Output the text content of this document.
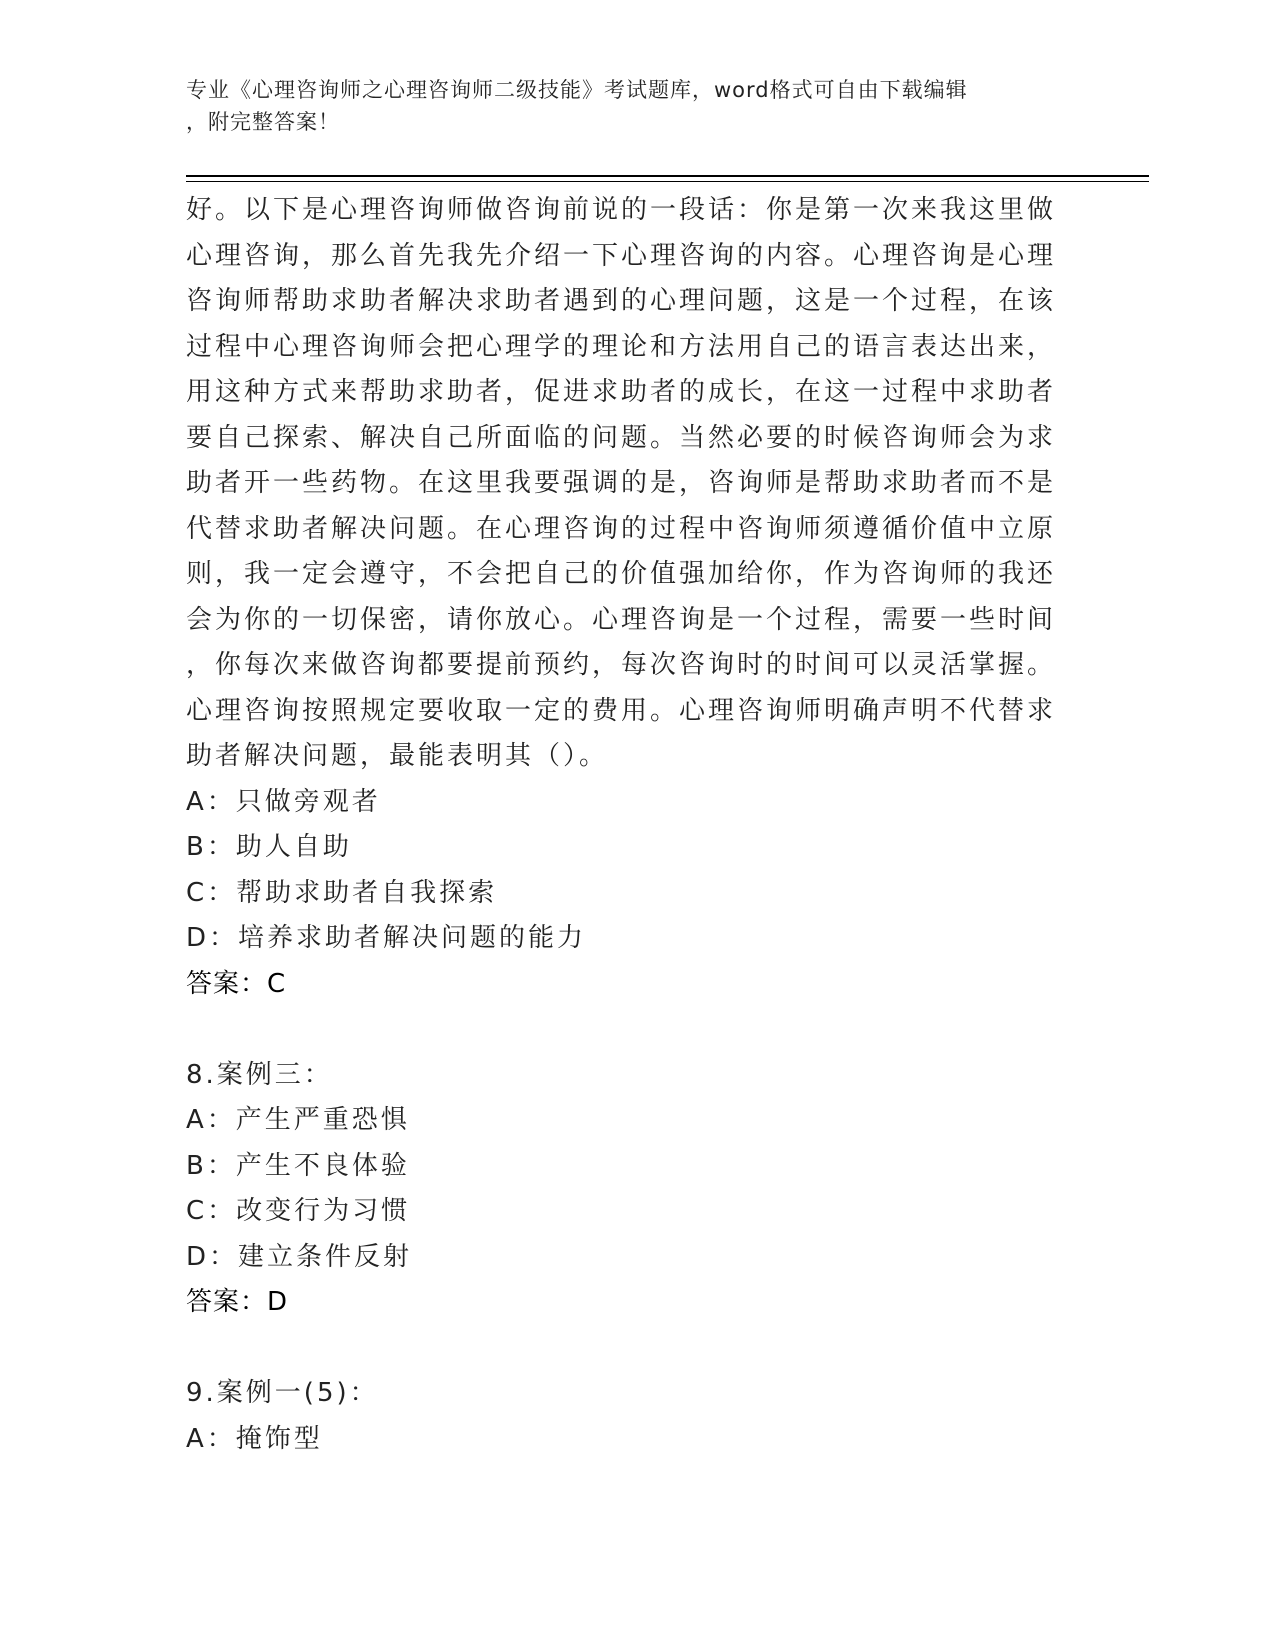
专业《心理咨询师之心理咨询师二级技能》考试题库，word格式可自由下载编辑
，附完整答案！
好。以下是心理咨询师做咨询前说的一段话：你是第一次来我这里做
心理咨询，那么首先我先介绍一下心理咨询的内容。心理咨询是心理
咨询师帮助求助者解决求助者遇到的心理问题，这是一个过程，在该
过程中心理咨询师会把心理学的理论和方法用自己的语言表达出来，
用这种方式来帮助求助者，促进求助者的成长，在这一过程中求助者
要自己探索、解决自己所面临的问题。当然必要的时候咨询师会为求
助者开一些药物。在这里我要强调的是，咨询师是帮助求助者而不是
代替求助者解决问题。在心理咨询的过程中咨询师须遵循价值中立原
则，我一定会遵守，不会把自己的价值强加给你，作为咨询师的我还
会为你的一切保密，请你放心。心理咨询是一个过程，需要一些时间
，你每次来做咨询都要提前预约，每次咨询时的时间可以灵活掌握。
心理咨询按照规定要收取一定的费用。心理咨询师明确声明不代替求
助者解决问题，最能表明其（）。
A：只做旁观者
B：助人自助
C：帮助求助者自我探索
D：培养求助者解决问题的能力
答案：C
8.案例三：
A：产生严重恐惧
B：产生不良体验
C：改变行为习惯
D：建立条件反射
答案：D
9.案例一(5)：
A：掩饰型
